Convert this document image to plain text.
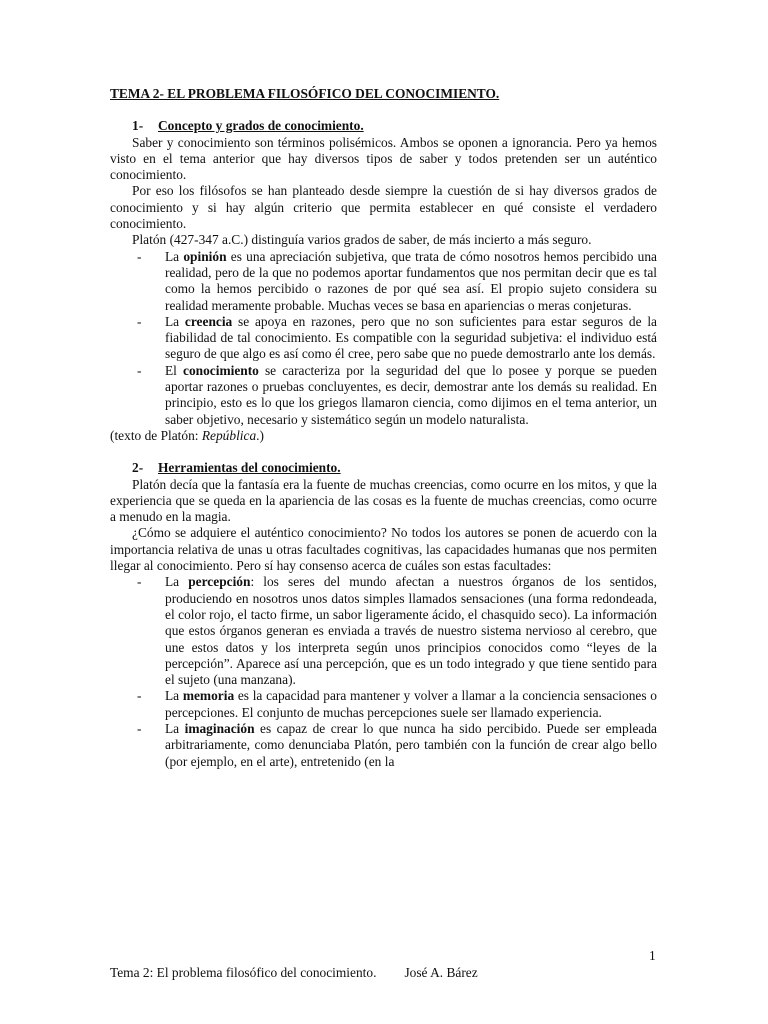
TEMA 2- EL PROBLEMA FILOSÓFICO DEL CONOCIMIENTO.
1- Concepto y grados de conocimiento.

Saber y conocimiento son términos polisémicos. Ambos se oponen a ignorancia. Pero ya hemos visto en el tema anterior que hay diversos tipos de saber y todos pretenden ser un auténtico conocimiento.

Por eso los filósofos se han planteado desde siempre la cuestión de si hay diversos grados de conocimiento y si hay algún criterio que permita establecer en qué consiste el verdadero conocimiento.

Platón (427-347 a.C.) distinguía varios grados de saber, de más incierto a más seguro.

- La opinión es una apreciación subjetiva, que trata de cómo nosotros hemos percibido una realidad, pero de la que no podemos aportar fundamentos que nos permitan decir que es tal como la hemos percibido o razones de por qué sea así. El propio sujeto considera su realidad meramente probable. Muchas veces se basa en apariencias o meras conjeturas.
- La creencia se apoya en razones, pero que no son suficientes para estar seguros de la fiabilidad de tal conocimiento. Es compatible con la seguridad subjetiva: el individuo está seguro de que algo es así como él cree, pero sabe que no puede demostrarlo ante los demás.
- El conocimiento se caracteriza por la seguridad del que lo posee y porque se pueden aportar razones o pruebas concluyentes, es decir, demostrar ante los demás su realidad. En principio, esto es lo que los griegos llamaron ciencia, como dijimos en el tema anterior, un saber objetivo, necesario y sistemático según un modelo naturalista.

(texto de Platón: República.)

2- Herramientas del conocimiento.

Platón decía que la fantasía era la fuente de muchas creencias, como ocurre en los mitos, y que la experiencia que se queda en la apariencia de las cosas es la fuente de muchas creencias, como ocurre a menudo en la magia.

¿Cómo se adquiere el auténtico conocimiento? No todos los autores se ponen de acuerdo con la importancia relativa de unas u otras facultades cognitivas, las capacidades humanas que nos permiten llegar al conocimiento. Pero sí hay consenso acerca de cuáles son estas facultades:

- La percepción: los seres del mundo afectan a nuestros órganos de los sentidos, produciendo en nosotros unos datos simples llamados sensaciones (una forma redondeada, el color rojo, el tacto firme, un sabor ligeramente ácido, el chasquido seco). La información que estos órganos generan es enviada a través de nuestro sistema nervioso al cerebro, que une estos datos y los interpreta según unos principios conocidos como “leyes de la percepción”. Aparece así una percepción, que es un todo integrado y que tiene sentido para el sujeto (una manzana).
- La memoria es la capacidad para mantener y volver a llamar a la conciencia sensaciones o percepciones. El conjunto de muchas percepciones suele ser llamado experiencia.
- La imaginación es capaz de crear lo que nunca ha sido percibido. Puede ser empleada arbitrariamente, como denunciaba Platón, pero también con la función de crear algo bello (por ejemplo, en el arte), entretenido (en la
1
Tema 2: El problema filosófico del conocimiento. José A. Bárez
